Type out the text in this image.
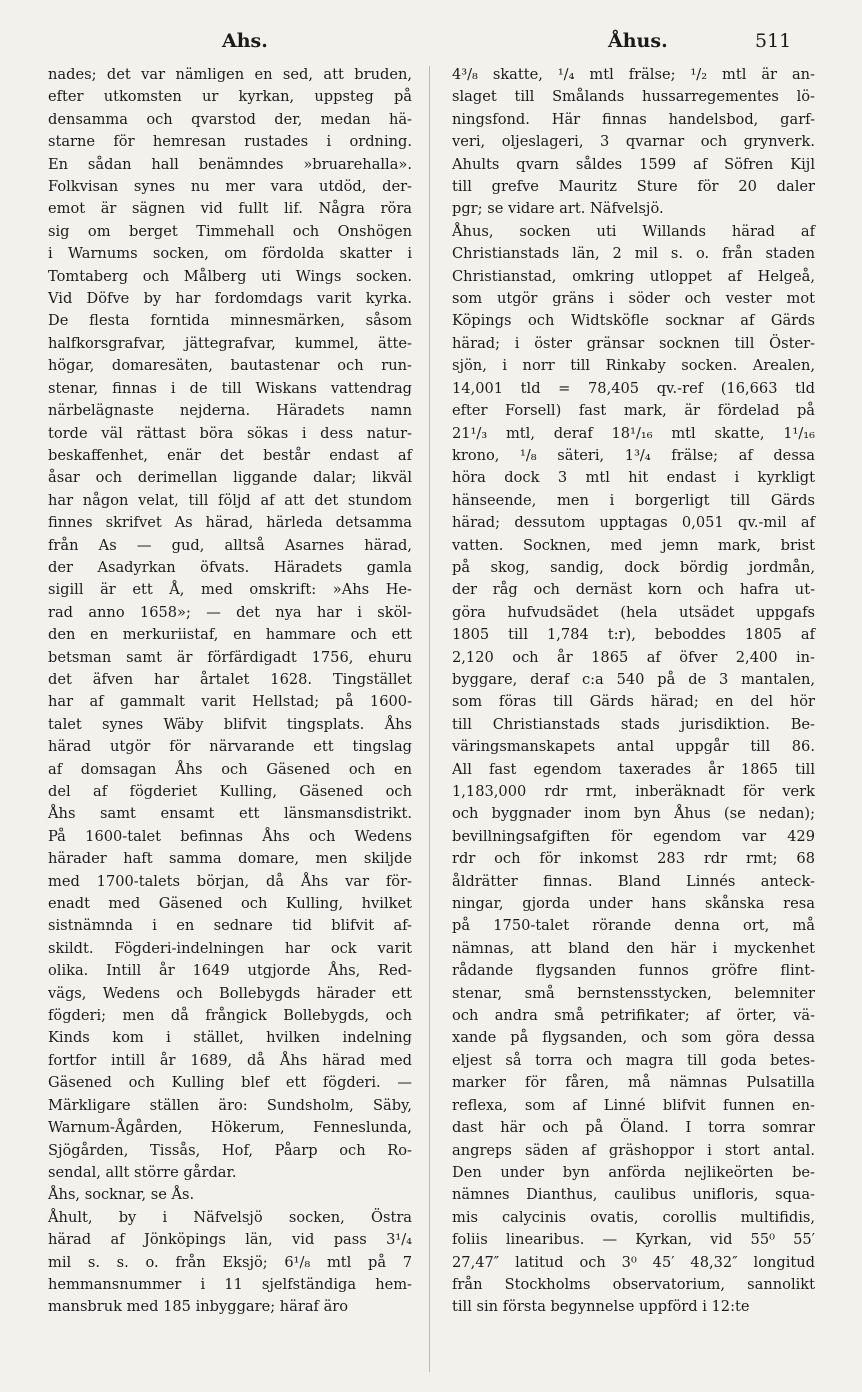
Ahs.	Åhus.	511
nades; det var nämligen en sed, att bruden,
efter utkomsten ur kyrkan, uppsteg på
densamma och qvarstod der, medan hä-
starne för hemresan rustades i ordning.
En sådan hall benämndes »bruarehalla».
Folkvisan synes nu mer vara utdöd, der-
emot är sägnen vid fullt lif. Några röra
sig om berget Timmehall och Onshögen
i Warnums socken, om fördolda skatter i
Tomtaberg och Målberg uti Wings socken.
Vid Döfve by har fordomdags varit kyrka.
De flesta forntida minnesmärken, såsom
halfkorsgrafvar, jättegrafvar, kummel, ätte-
högar, domaresäten, bautastenar och run-
stenar, finnas i de till Wiskans vattendrag
närbelägnaste nejderna. Häradets namn
torde väl rättast böra sökas i dess natur-
beskaffenhet, enär det består endast af
åsar och derimellan liggande dalar; likväl
har någon velat, till följd af att det stundom
finnes skrifvet As härad, härleda detsamma
från As — gud, alltså Asarnes härad,
der Asadyrkan öfvats. Häradets gamla
sigill är ett Å, med omskrift: »Ahs He-
rad anno 1658»; — det nya har i sköl-
den en merkuriistaf, en hammare och ett
betsman samt är förfärdigadt 1756, ehuru
det äfven har årtalet 1628. Tingstället
har af gammalt varit Hellstad; på 1600-
talet synes Wäby blifvit tingsplats. Åhs
härad utgör för närvarande ett tingslag
af domsagan Åhs och Gäsened och en
del af fögderiet Kulling, Gäsened och
Åhs samt ensamt ett länsmansdistrikt.
På 1600-talet befinnas Åhs och Wedens
härader haft samma domare, men skiljde
med 1700-talets början, då Åhs var för-
enadt med Gäsened och Kulling, hvilket
sistnämnda i en sednare tid blifvit af-
skildt. Fögderi-indelningen har ock varit
olika. Intill år 1649 utgjorde Åhs, Red-
vägs, Wedens och Bollebygds härader ett
fögderi; men då frångick Bollebygds, och
Kinds kom i stället, hvilken indelning
fortfor intill år 1689, då Åhs härad med
Gäsened och Kulling blef ett fögderi. —
Märkligare ställen äro: Sundsholm, Säby,
Warnum-Ågården, Hökerum, Fenneslunda,
Sjögården, Tissås, Hof, Påarp och Ro-
sendal, allt större gårdar.
Åhs, socknar, se Ås.
Åhult, by i Näfvelsjö socken, Östra
härad af Jönköpings län, vid pass 3¹/₄
mil s. s. o. från Eksjö; 6¹/₈ mtl på 7
hemmansnummer i 11 sjelfständiga hem-
mansbruk med 185 inbyggare; häraf äro
4³/₈ skatte, ¹/₄ mtl frälse; ¹/₂ mtl är an-
slaget till Smålands hussarregementes lö-
ningsfond. Här finnas handelsbod, garf-
veri, oljeslageri, 3 qvarnar och grynverk.
Ahults qvarn såldes 1599 af Söfren Kijl
till grefve Mauritz Sture för 20 daler
pgr; se vidare art. Näfvelsjö.
Åhus, socken uti Willands härad af
Christianstads län, 2 mil s. o. från staden
Christianstad, omkring utloppet af Helgeå,
som utgör gräns i söder och vester mot
Köpings och Widtsköfle socknar af Gärds
härad; i öster gränsar socknen till Öster-
sjön, i norr till Rinkaby socken. Arealen,
14,001 tld = 78,405 qv.-ref (16,663 tld
efter Forsell) fast mark, är fördelad på
21¹/₃ mtl, deraf 18¹/₁₆ mtl skatte, 1¹/₁₆
krono, ¹/₈ säteri, 1³/₄ frälse; af dessa
höra dock 3 mtl hit endast i kyrkligt
hänseende, men i borgerligt till Gärds
härad; dessutom upptagas 0,051 qv.-mil af
vatten. Socknen, med jemn mark, brist
på skog, sandig, dock bördig jordmån,
der råg och dernäst korn och hafra ut-
göra hufvudsädet (hela utsädet uppgafs
1805 till 1,784 t:r), beboddes 1805 af
2,120 och år 1865 af öfver 2,400 in-
byggare, deraf c:a 540 på de 3 mantalen,
som föras till Gärds härad; en del hör
till Christianstads stads jurisdiktion. Be-
väringsmanskapets antal uppgår till 86.
All fast egendom taxerades år 1865 till
1,183,000 rdr rmt, inberäknadt för verk
och byggnader inom byn Åhus (se nedan);
bevillningsafgiften för egendom var 429
rdr och för inkomst 283 rdr rmt; 68
åldrätter finnas. Bland Linnés anteck-
ningar, gjorda under hans skånska resa
på 1750-talet rörande denna ort, må
nämnas, att bland den här i myckenhet
rådande flygsanden funnos gröfre flint-
stenar, små bernstensstycken, belemniter
och andra små petrifikater; af örter, vä-
xande på flygsanden, och som göra dessa
eljest så torra och magra till goda betes-
marker för fåren, må nämnas Pulsatilla
reflexa, som af Linné blifvit funnen en-
dast här och på Öland. I torra somrar
angreps säden af gräshoppor i stort antal.
Den under byn anförda nejlikeörten be-
nämnes Dianthus, caulibus unifloris, squa-
mis calycinis ovatis, corollis multifidis,
foliis linearibus. — Kyrkan, vid 55⁰ 55′
27,47″ latitud och 3⁰ 45′ 48,32″ longitud
från Stockholms observatorium, sannolikt
till sin första begynnelse uppförd i 12:te
